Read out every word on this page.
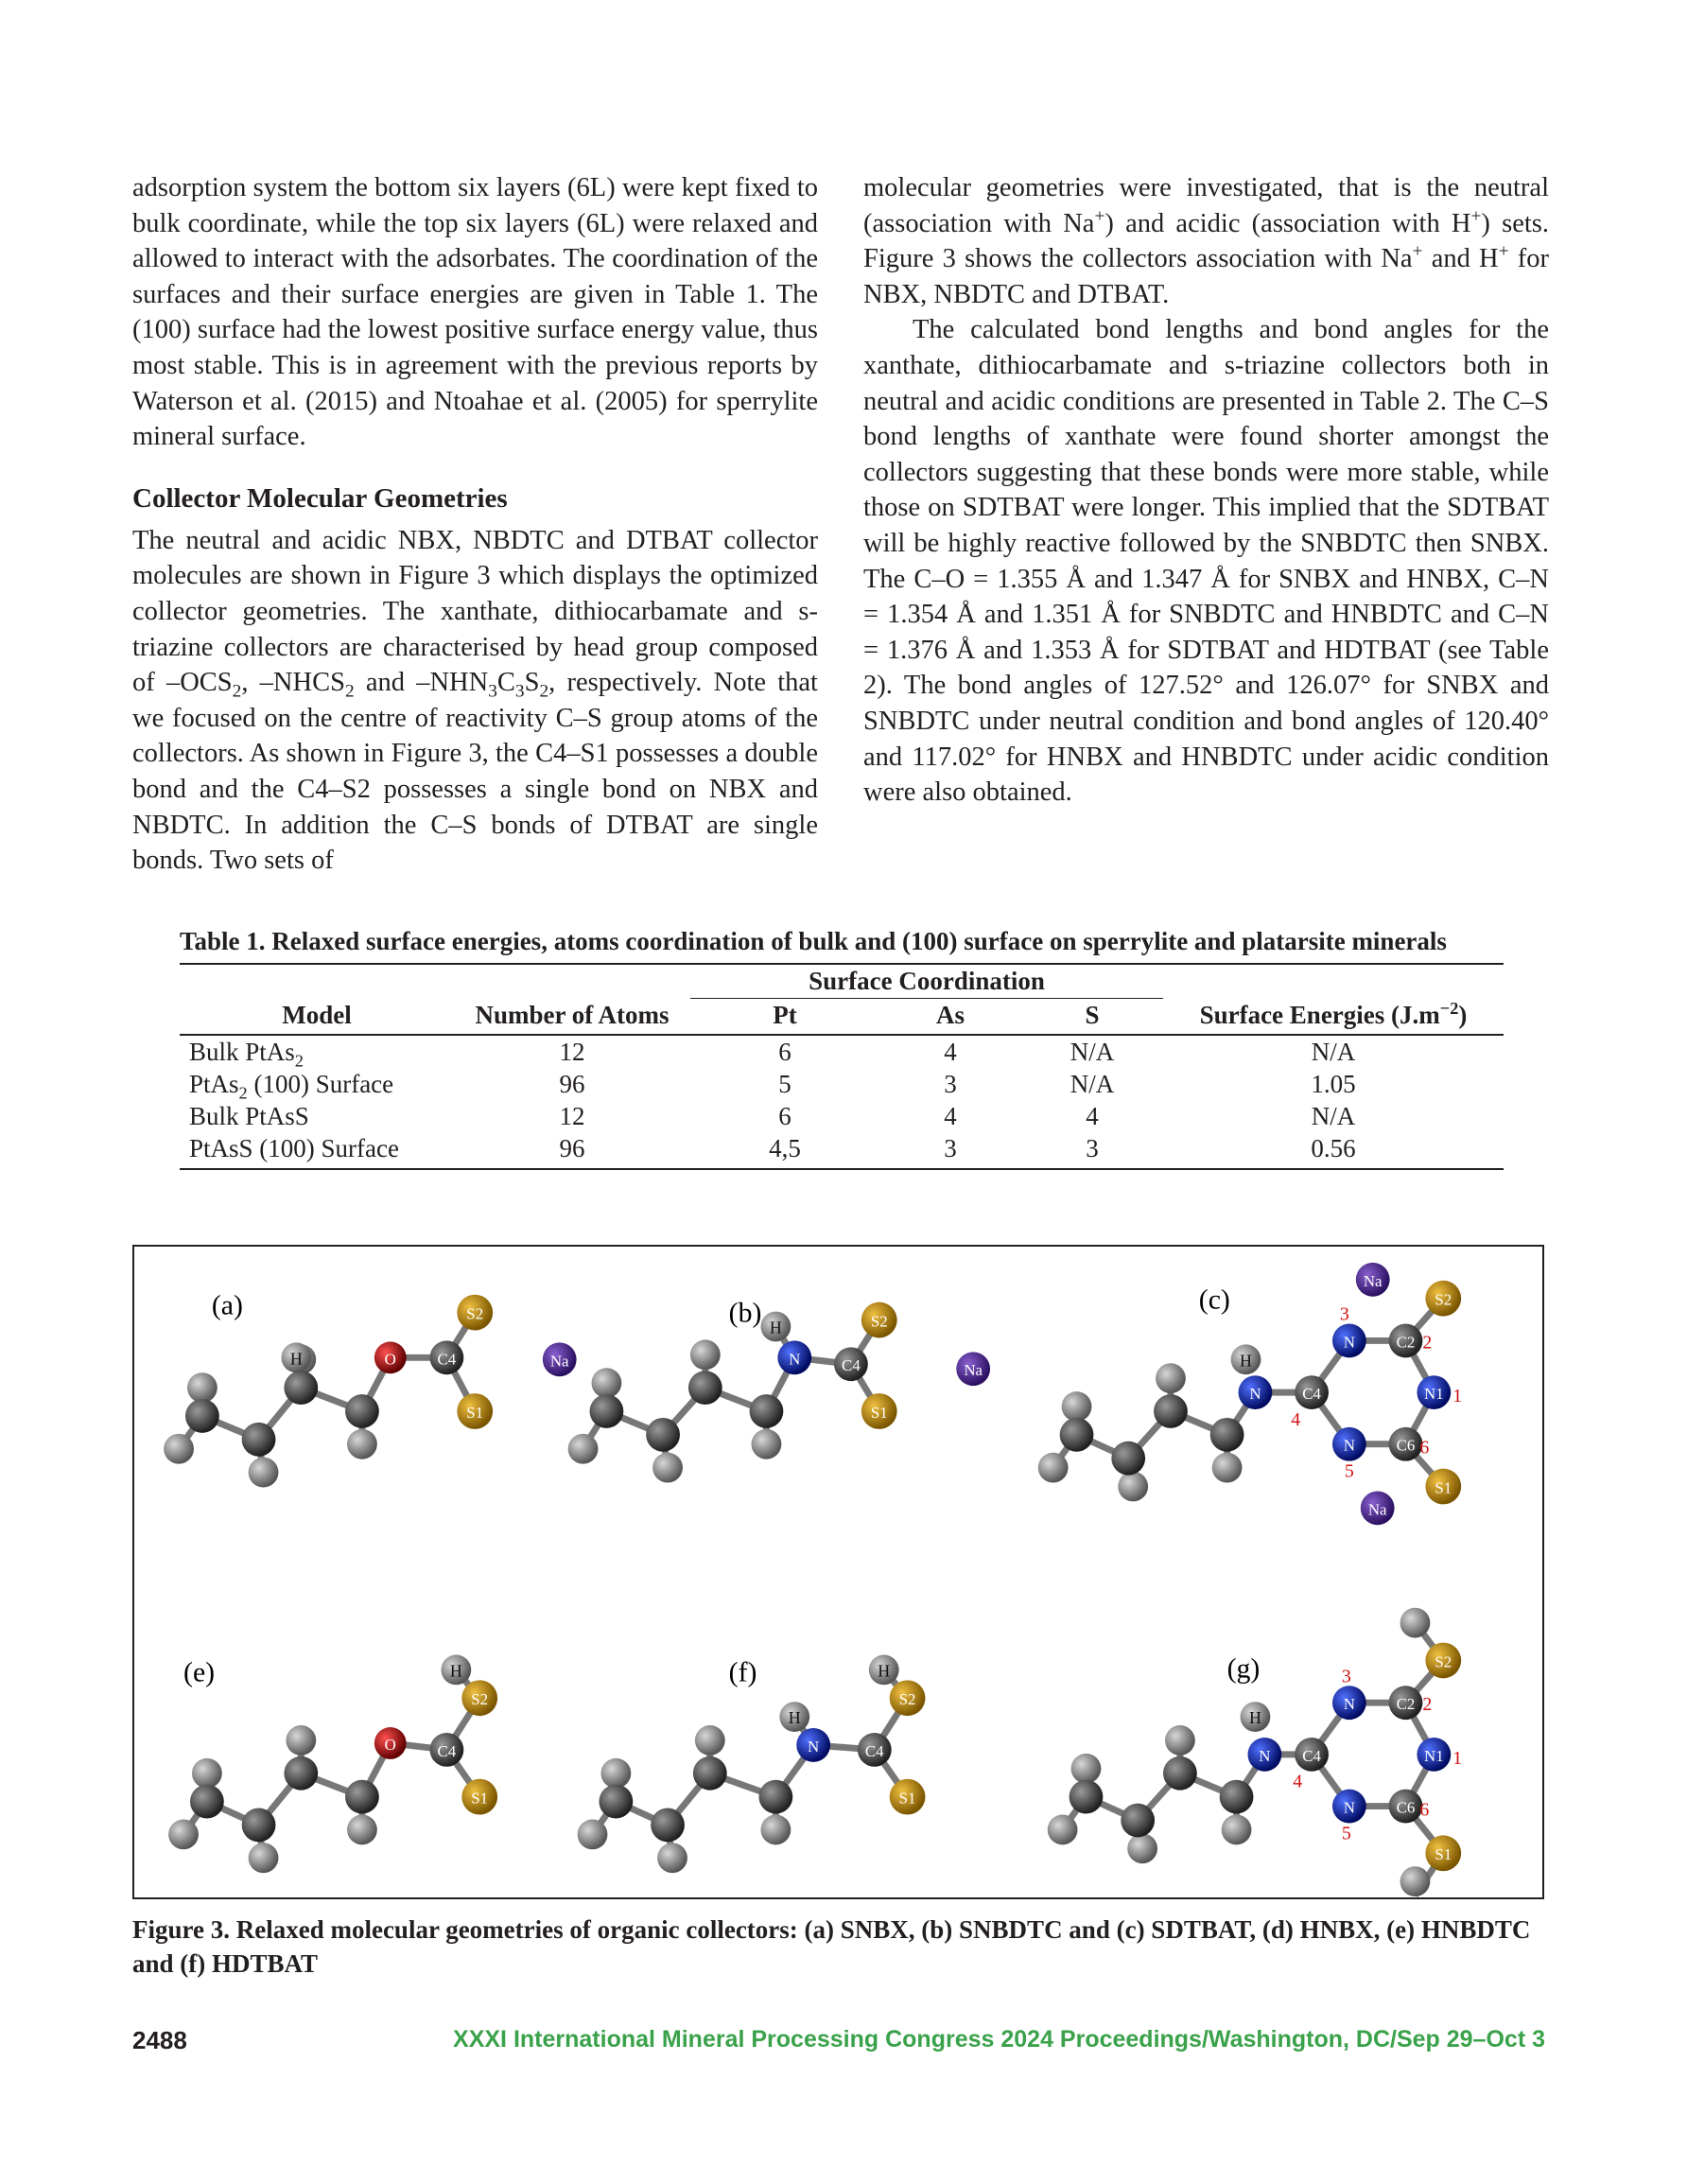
adsorption system the bottom six layers (6L) were kept fixed to bulk coordinate, while the top six layers (6L) were relaxed and allowed to interact with the adsorbates. The coordination of the surfaces and their surface energies are given in Table 1. The (100) surface had the lowest positive surface energy value, thus most stable. This is in agreement with the previous reports by Waterson et al. (2015) and Ntoahae et al. (2005) for sperrylite mineral surface.

Collector Molecular Geometries

The neutral and acidic NBX, NBDTC and DTBAT collector molecules are shown in Figure 3 which displays the optimized collector geometries. The xanthate, dithiocarbamate and s-triazine collectors are characterised by head group composed of $-OCS_2$, $-NHCS_2$ and $-NHN_3C_3S_2$, respectively. Note that we focused on the centre of reactivity C–S group atoms of the collectors. As shown in Figure 3, the C4–S1 possesses a double bond and the C4–S2 possesses a single bond on NBX and NBDTC. In addition the C–S bonds of DTBAT are single bonds. Two sets of

molecular geometries were investigated, that is the neutral (association with Na+) and acidic (association with H+) sets. Figure 3 shows the collectors association with Na+ and H+ for NBX, NBDTC and DTBAT.

The calculated bond lengths and bond angles for the xanthate, dithiocarbamate and s-triazine collectors both in neutral and acidic conditions are presented in Table 2. The C–S bond lengths of xanthate were found shorter amongst the collectors suggesting that these bonds were more stable, while those on SDTBAT were longer. This implied that the SDTBAT will be highly reactive followed by the SNBDTC then SNBX. The C–O = 1.355 Å and 1.347 Å for SNBX and HNBX, C–N = 1.354 Å and 1.351 Å for SNBDTC and HNBDTC and C–N = 1.376 Å and 1.353 Å for SDTBAT and HDTBAT (see Table 2). The bond angles of 127.52° and 126.07° for SNBX and SNBDTC under neutral condition and bond angles of 120.40° and 117.02° for HNBX and HNBDTC under acidic condition were also obtained.

Table 1. Relaxed surface energies, atoms coordination of bulk and (100) surface on sperrylite and platarsite minerals
		Surface Coordination			
Model	Number of Atoms	Pt	As	S	Surface Energies $(J.m^{-2})$
Bulk PtAs$_2$	12	6	4	N/A	N/A
PtAs$_2$ (100) Surface	96	5	3	N/A	1.05
Bulk PtAsS	12	6	4	4	N/A
PtAsS (100) Surface	96	4,5	3	3	0.56
O	C4
S2
S1
H	Na
H
N	C4
S2
S1
Na
H
N	C4
N	C2
N1
C6
N
S2
S1
Na
Na
O	C4
H
S2
S1
H
N	C4
H
S2
S1
H
N C4
N	C2
N1
C6
N
S2
S1
(a)	(b)	(c)
(e)	(f)	(g)
3
2
1
4
6
5
3
2
1
4
6
5
Figure 3. Relaxed molecular geometries of organic collectors: (a) SNBX, (b) SNBDTC and (c) SDTBAT, (d) HNBX, (e) HNBDTC and (f) HDTBAT
2488	XXXI International Mineral Processing Congress 2024 Proceedings/Washington, DC/Sep 29–Oct 3
